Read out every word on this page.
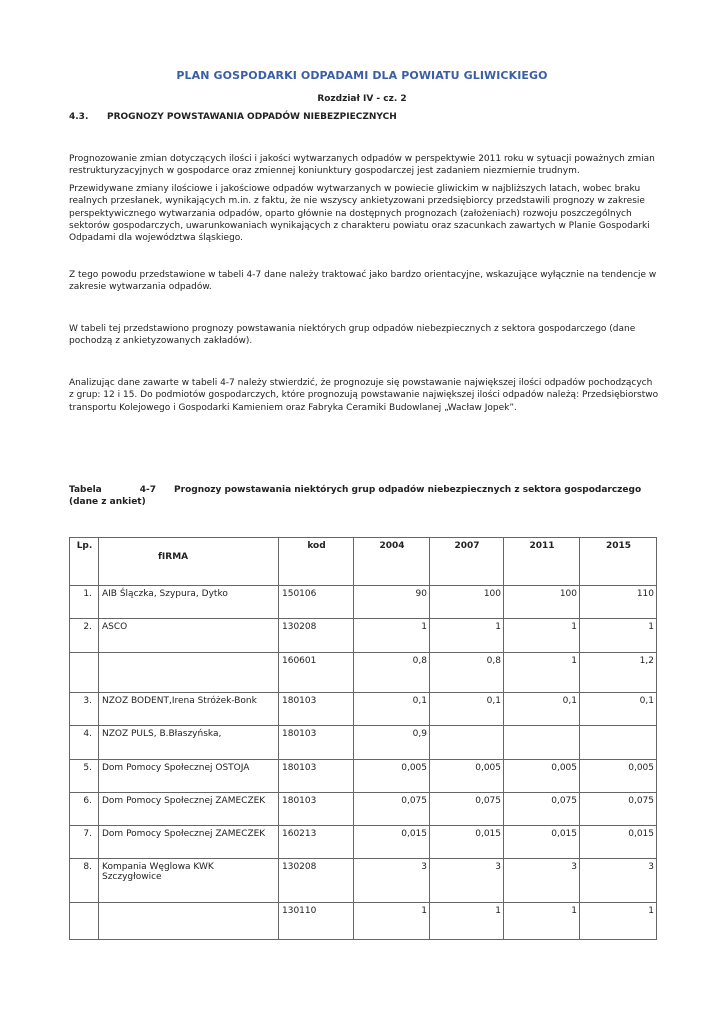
PLAN GOSPODARKI ODPADAMI DLA POWIATU GLIWICKIEGO
Rozdział IV - cz. 2
4.3. PROGNOZY POWSTAWANIA ODPADÓW NIEBEZPIECZNYCH

Prognozowanie zmian dotyczących ilości i jakości wytwarzanych odpadów w perspektywie 2011 roku w sytuacji poważnych zmian restrukturyzacyjnych w gospodarce oraz zmiennej koniunktury gospodarczej jest zadaniem niezmiernie trudnym.

Przewidywane zmiany ilościowe i jakościowe odpadów wytwarzanych w powiecie gliwickim w najbliższych latach, wobec braku realnych przesłanek, wynikających m.in. z faktu, że nie wszyscy ankietyzowani przedsiębiorcy przedstawili prognozy w zakresie perspektywicznego wytwarzania odpadów, oparto głównie na dostępnych prognozach (założeniach) rozwoju poszczególnych sektorów gospodarczych, uwarunkowaniach wynikających z charakteru powiatu oraz szacunkach zawartych w Planie Gospodarki Odpadami dla województwa śląskiego.

Z tego powodu przedstawione w tabeli 4-7 dane należy traktować jako bardzo orientacyjne, wskazujące wyłącznie na tendencje w zakresie wytwarzania odpadów.

W tabeli tej przedstawiono prognozy powstawania niektórych grup odpadów niebezpiecznych z sektora gospodarczego (dane pochodzą z ankietyzowanych zakładów).

Analizując dane zawarte w tabeli 4-7 należy stwierdzić, że prognozuje się powstawanie największej ilości odpadów pochodzących z grup: 12 i 15. Do podmiotów gospodarczych, które prognozują powstawanie największej ilości odpadów należą: Przedsiębiorstwo transportu Kolejowego i Gospodarki Kamieniem oraz Fabryka Ceramiki Budowlanej „Wacław Jopek”.

Tabela	4-7 Prognozy powstawania niektórych grup odpadów niebezpiecznych z sektora gospodarczego (dane z ankiet)
Lp.	fIRMA	kod	2004	2007	2011	2015
1.	AIB Ślączka, Szypura, Dytko	150106	90	100	100	110
2.	ASCO	130208	1	1	1	1
		160601	0,8	0,8	1	1,2
3.	NZOZ BODENT,Irena Stróżek-Bonk	180103	0,1	0,1	0,1	0,1
4.	NZOZ PULS, B.Błaszyńska,	180103	0,9			
5.	Dom Pomocy Społecznej OSTOJA	180103	0,005	0,005	0,005	0,005
6.	Dom Pomocy Społecznej ZAMECZEK	180103	0,075	0,075	0,075	0,075
7.	Dom Pomocy Społecznej ZAMECZEK	160213	0,015	0,015	0,015	0,015
8.	Kompania Węglowa KWK Szczygłowice	130208	3	3	3	3
		130110	1	1	1	1
